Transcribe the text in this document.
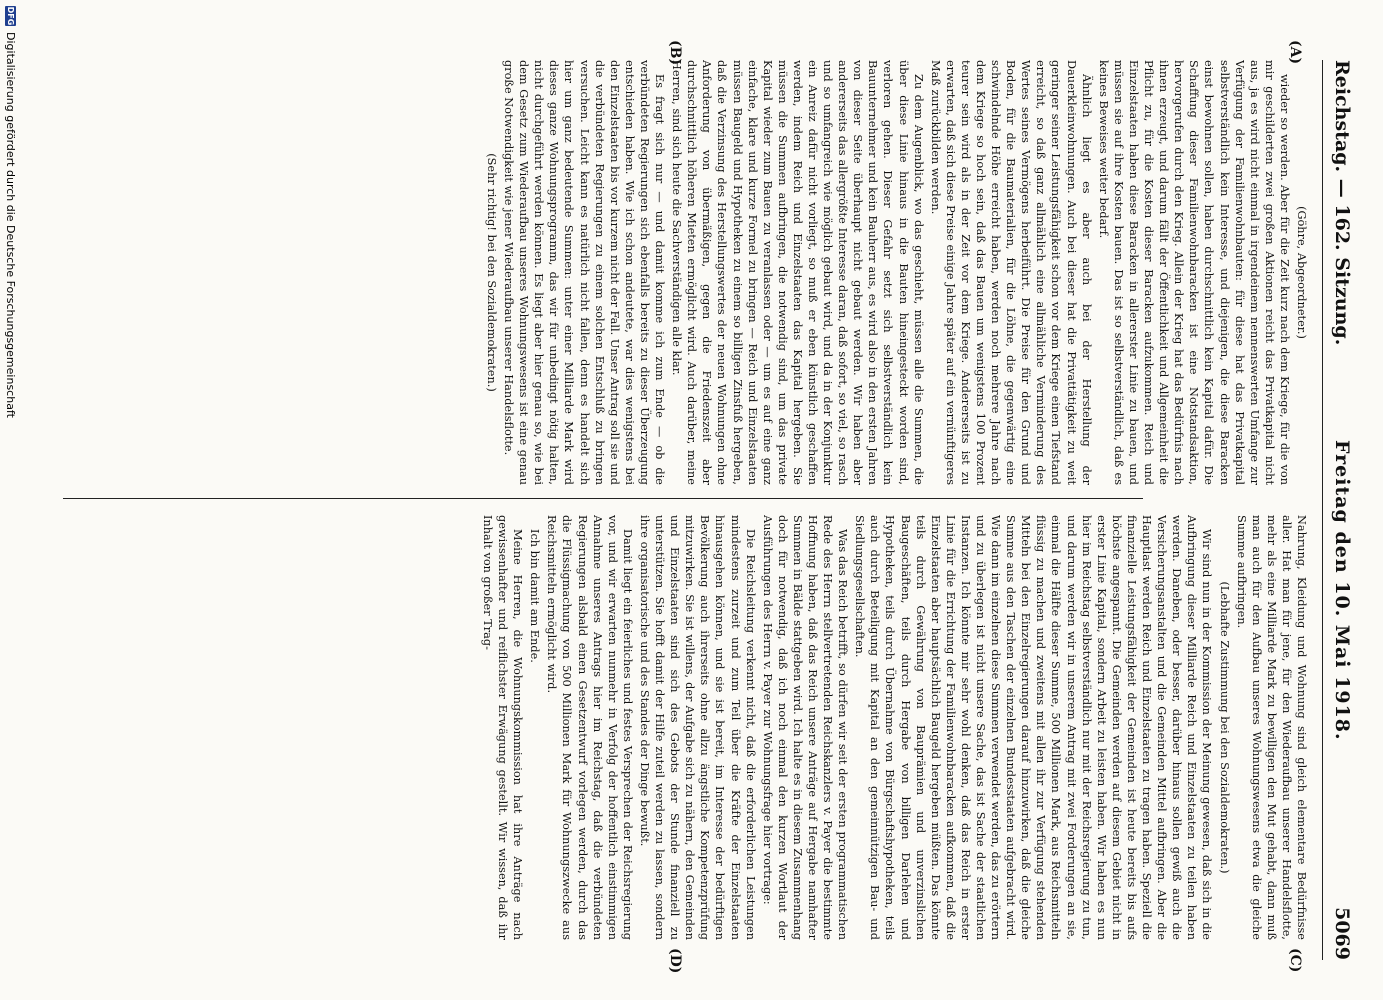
Reichstag. — 162. Sitzung.
Freitag den 10. Mai 1918.
5069
(A)
(B)
(C)
(D)

(Göhre, Abgeordneter.)

wieder so werden. Aber für die Zeit kurz nach dem Kriege, für die von mir geschilderten zwei großen Aktionen reicht das Privatkapital nicht aus, ja es wird nicht einmal in irgendeinem nennenswerten Umfange zur Verfügung der Familienwohnbauten: für diese hat das Privatkapital selbstverständlich kein Interesse, und diejenigen, die diese Baracken einst bewohnen sollen, haben durchschnittlich kein Kapital dafür. Die Schaffung dieser Familienwohnbaracken ist eine Notstandsaktion, hervorgerufen durch den Krieg. Allein der Krieg hat das Bedürfnis nach ihnen erzeugt, und darum fällt der Öffentlichkeit und Allgemeinheit die Pflicht zu, für die Kosten dieser Baracken aufzukommen. Reich und Einzelstaaten haben diese Baracken in allererster Linie zu bauen, und müssen sie auf ihre Kosten bauen. Das ist so selbstverständlich, daß es keines Beweises weiter bedarf.

Ähnlich liegt es aber auch bei der Herstellung der Dauerkleinwohnungen. Auch bei dieser hat die Privattätigkeit zu weit geringer seiner Leistungsfähigkeit schon vor dem Kriege einen Tiefstand erreicht, so daß ganz allmählich eine allmähliche Verminderung des Wertes seines Vermögens herbeiführt. Die Preise für den Grund und Boden, für die Baumaterialien, für die Löhne, die gegenwärtig eine schwindelnde Höhe erreicht haben, werden noch mehrere Jahre nach dem Kriege so hoch sein, daß das Bauen um wenigstens 100 Prozent teurer sein wird als in der Zeit vor dem Kriege. Andererseits ist zu erwarten, daß sich diese Preise einige Jahre später auf ein vernünftigeres Maß zurückbilden werden.

Zu dem Augenblick, wo das geschieht, müssen alle die Summen, die über diese Linie hinaus in die Bauten hineingesteckt worden sind, verloren gehen. Dieser Gefahr setzt sich selbstverständlich kein Bauunternehmer und kein Bauherr aus, es wird also in den ersten Jahren von dieser Seite überhaupt nicht gebaut werden. Wir haben aber andererseits das allergrößte Interesse daran, daß sofort, so viel, so rasch und so umfangreich wie möglich gebaut wird, und da in der Konjunktur ein Anreiz dafür nicht vorliegt, so muß er eben künstlich geschaffen werden, indem Reich und Einzelstaaten das Kapital hergeben. Sie müssen die Summen aufbringen, die notwendig sind, um das private Kapital wieder zum Bauen zu veranlassen oder — um es auf eine ganz einfache, klare und kurze Formel zu bringen — Reich und Einzelstaaten müssen Baugeld und Hypotheken zu einem so billigen Zinsfuß hergeben, daß die Verzinsung des Herstellungswertes der neuen Wohnungen ohne Anforderung von übermäßigen, gegen die Friedenszeit aber durchschnittlich höheren Mieten ermöglicht wird. Auch darüber, meine Herren, sind sich heute die Sachverständigen alle klar.

Es fragt sich nur — und damit komme ich zum Ende — ob die verbündeten Regierungen sich ebenfalls bereits zu dieser Überzeugung entschieden haben. Wie ich schon andeutete, war dies wenigstens bei den Einzelstaaten bis vor kurzem nicht der Fall. Unser Antrag soll sie und die verbündeten Regierungen zu einem solchen Entschluß zu bringen versuchen. Leicht kann es natürlich nicht fallen, denn es handelt sich hier um ganz bedeutende Summen: unter einer Milliarde Mark wird dieses ganze Wohnungsprogramm, das wir für unbedingt nötig halten, nicht durchgeführt werden können. Es liegt aber hier genau so, wie bei dem Gesetz zum Wiederaufbau unseres Wohnungswesens ist eine genau große Notwendigkeit wie jener Wiederaufbau unserer Handelsflotte.

(Sehr richtig! bei den Sozialdemokraten.)

Nahrung, Kleidung und Wohnung sind gleich elementare Bedürfnisse aller. Hat man für jene, für den Wiederaufbau unserer Handelsflotte, mehr als eine Milliarde Mark zu bewilligen den Mut gehabt, dann muß man auch für den Aufbau unseres Wohnungswesens etwa die gleiche Summe aufbringen.

(Lebhafte Zustimmung bei den Sozialdemokraten.)

Wir sind nun in der Kommission der Meinung gewesen, daß sich in die Aufbringung dieser Milliarde Reich und Einzelstaaten zu teilen haben werden. Daneben, oder besser, darüber hinaus sollen gewiß auch die Versicherungsanstalten und die Gemeinden Mittel aufbringen. Aber die Hauptlast werden Reich und Einzelstaaten zu tragen haben. Speziell die finanzielle Leistungsfähigkeit der Gemeinden ist heute bereits bis aufs höchste angespannt. Die Gemeinden werden auf diesem Gebiet nicht in erster Linie Kapital, sondern Arbeit zu leisten haben. Wir haben es nun hier im Reichstag selbstverständlich nur mit der Reichsregierung zu tun, und darum werden wir in unserem Antrag mit zwei Forderungen an sie, einmal die Hälfte dieser Summe, 500 Millionen Mark, aus Reichsmitteln flüssig zu machen und zweitens mit allen ihr zur Verfügung stehenden Mitteln bei den Einzelregierungen darauf hinzuwirken, daß die gleiche Summe aus den Taschen der einzelnen Bundesstaaten aufgebracht wird. Wie dann im einzelnen diese Summen verwendet werden, das zu erörtern und zu überlegen ist nicht unsere Sache, das ist Sache der staatlichen Instanzen. Ich könnte mir sehr wohl denken, daß das Reich in erster Linie für die Errichtung der Familienwohnbaracken aufkommen, daß die Einzelstaaten aber hauptsächlich Baugeld hergeben müßten. Das könnte teils durch Gewährung von Bauprämien und unverzinslichen Baugeschäften, teils durch Hergabe von billigen Darlehen und Hypotheken, teils durch Übernahme von Bürgschaftshypotheken, teils auch durch Beteiligung mit Kapital an den gemeinnützigen Bau- und Siedlungsgesellschaften.

Was das Reich betrifft, so dürfen wir seit der ersten programmatischen Rede des Herrn stellvertretenden Reichskanzlers v. Payer die bestimmte Hoffnung haben, daß das Reich unsere Anträge auf Hergabe namhafter Summen in Bälde stattgeben wird. Ich halte es in diesem Zusammenhang doch für notwendig, daß ich noch einmal den kurzen Wortlaut der Ausführungen des Herrn v. Payer zur Wohnungsfrage hier vortrage:

Die Reichsleitung verkennt nicht, daß die erforderlichen Leistungen mindestens zurzeit und zum Teil über die Kräfte der Einzelstaaten hinausgehen können, und sie ist bereit, im Interesse der bedürftigen Bevölkerung auch ihrerseits ohne allzu ängstliche Kompetenzprüfung mitzuwirken. Sie ist willens, der Aufgabe sich zu nähern, den Gemeinden und Einzelstaaten sind sich des Gebots der Stunde finanziell zu unterstützen. Sie hofft damit der Hilfe zuteil werden zu lassen, sondern ihre organisatorische und des Standes der Dinge bewußt.

Damit liegt ein feierliches und festes Versprechen der Reichsregierung vor, und wir erwarten nunmehr in Verfolg der hoffentlich einstimmigen Annahme unseres Antrags hier im Reichstag, daß die verbündeten Regierungen alsbald einen Gesetzentwurf vorlegen werden, durch das die Flüssigmachung von 500 Millionen Mark für Wohnungszwecke aus Reichsmitteln ermöglicht wird.

Ich bin damit am Ende.

Meine Herren, die Wohnungskommission hat ihre Anträge nach gewissenhafter und reiflichster Erwägung gestellt. Wir wissen, daß ihr Inhalt von großer Trag-

DFG
Digitalisierung gefördert durch die Deutsche Forschungsgemeinschaft
